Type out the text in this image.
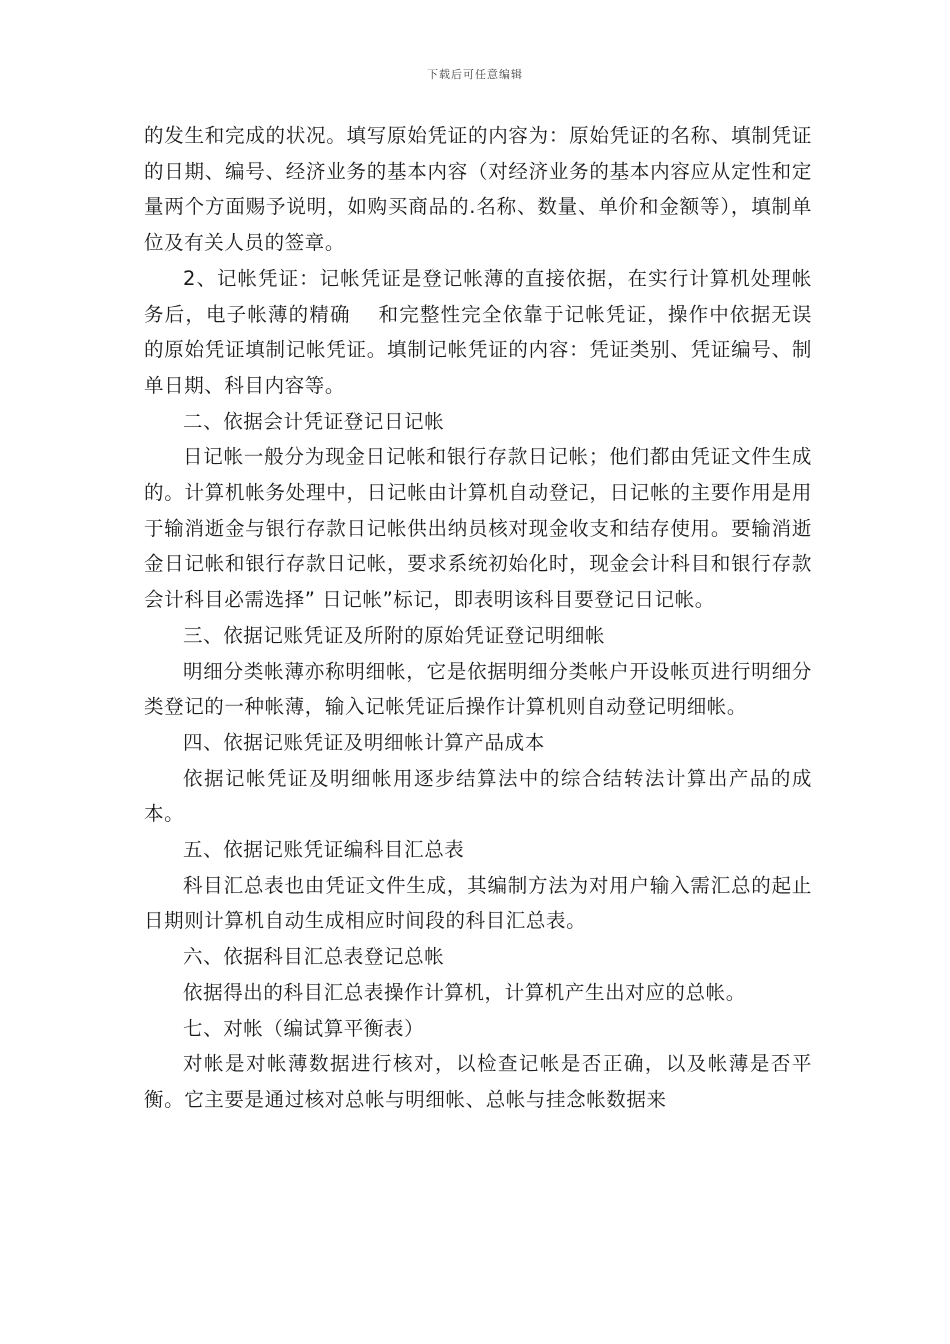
下载后可任意编辑

的发生和完成的状况。填写原始凭证的内容为：原始凭证的名称、填制凭证的日期、编号、经济业务的基本内容（对经济业务的基本内容应从定性和定量两个方面赐予说明，如购买商品的.名称、数量、单价和金额等），填制单位及有关人员的签章。

2、记帐凭证：记帐凭证是登记帐薄的直接依据，在实行计算机处理帐务后，电子帐薄的精确　 和完整性完全依靠于记帐凭证，操作中依据无误的原始凭证填制记帐凭证。填制记帐凭证的内容：凭证类别、凭证编号、制单日期、科目内容等。

二、依据会计凭证登记日记帐

日记帐一般分为现金日记帐和银行存款日记帐；他们都由凭证文件生成的。计算机帐务处理中，日记帐由计算机自动登记，日记帐的主要作用是用于输消逝金与银行存款日记帐供出纳员核对现金收支和结存使用。要输消逝金日记帐和银行存款日记帐，要求系统初始化时，现金会计科目和银行存款会计科目必需选择” 日记帐”标记，即表明该科目要登记日记帐。

三、依据记账凭证及所附的原始凭证登记明细帐

明细分类帐薄亦称明细帐，它是依据明细分类帐户开设帐页进行明细分类登记的一种帐薄，输入记帐凭证后操作计算机则自动登记明细帐。

四、依据记账凭证及明细帐计算产品成本

依据记帐凭证及明细帐用逐步结算法中的综合结转法计算出产品的成本。

五、依据记账凭证编科目汇总表

科目汇总表也由凭证文件生成，其编制方法为对用户输入需汇总的起止日期则计算机自动生成相应时间段的科目汇总表。

六、依据科目汇总表登记总帐

依据得出的科目汇总表操作计算机，计算机产生出对应的总帐。

七、对帐（编试算平衡表）

对帐是对帐薄数据进行核对，以检查记帐是否正确，以及帐薄是否平衡。它主要是通过核对总帐与明细帐、总帐与挂念帐数据来
